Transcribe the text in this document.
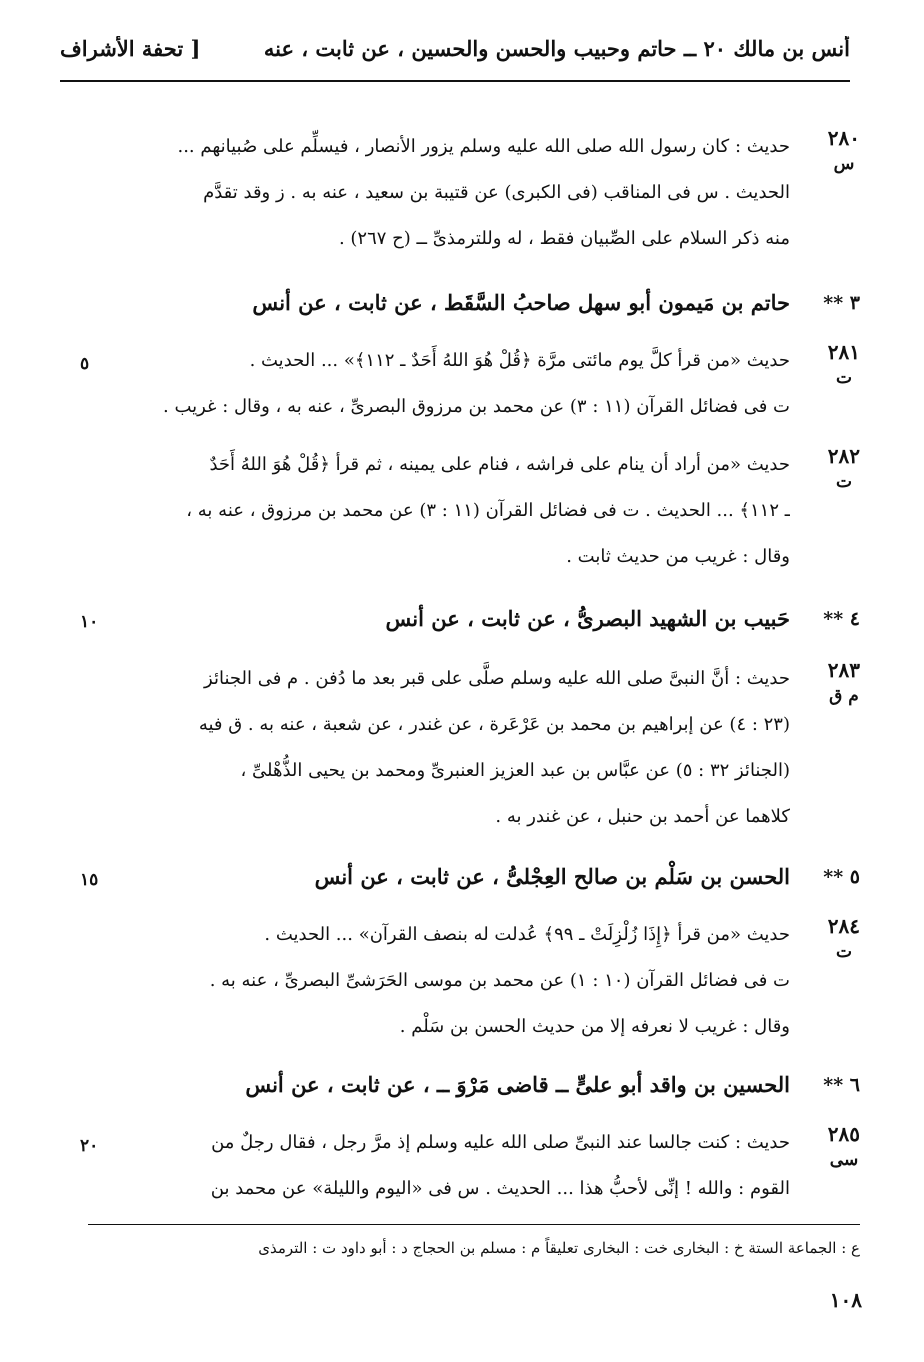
أنس بن مالك ٢٠ ــ حاتم وحبيب والحسن والحسين ، عن ثابت ، عنه
[ تحفة الأشراف
٢٨٠
س
حديث : كان رسول الله صلى الله عليه وسلم يزور الأنصار ، فيسلِّم على صُبيانهم ...
الحديث . س فى المناقب (فى الكبرى) عن قتيبة بن سعيد ، عنه به . ز وقد تقدَّم
منه ذكر السلام على الصِّبيان فقط ، له وللترمذىِّ ــ (ح ٢٦٧) .
٣ **
حاتم بن مَيمون أبو سهل صاحبُ السَّقَط ، عن ثابت ، عن أنس
٢٨١
ت
حديث «من قرأ كلَّ يوم مائتى مرَّة ﴿قُلْ هُوَ اللهُ أَحَدٌ ـ ١١٢﴾» ... الحديث .
ت فى فضائل القرآن (١١ : ٣) عن محمد بن مرزوق البصرىِّ ، عنه به ، وقال : غريب .
٥
٢٨٢
ت
حديث «من أراد أن ينام على فراشه ، فنام على يمينه ، ثم قرأ ﴿قُلْ هُوَ اللهُ أَحَدٌ
ـ ١١٢﴾ ... الحديث . ت فى فضائل القرآن (١١ : ٣) عن محمد بن مرزوق ، عنه به ،
وقال : غريب من حديث ثابت .
٤ **
حَبيب بن الشهيد البصرىُّ ، عن ثابت ، عن أنس
١٠
٢٨٣
م ق
حديث : أنَّ النبىَّ صلى الله عليه وسلم صلَّى على قبر بعد ما دُفن . م فى الجنائز
(٢٣ : ٤) عن إبراهيم بن محمد بن عَرْعَرة ، عن غندر ، عن شعبة ، عنه به . ق فيه
(الجنائز ٣٢ : ٥) عن عبَّاس بن عبد العزيز العنبرىِّ ومحمد بن يحيى الذُّهْلىِّ ،
كلاهما عن أحمد بن حنبل ، عن غندر به .
٥ **
الحسن بن سَلْم بن صالح العِجْلىُّ ، عن ثابت ، عن أنس
١٥
٢٨٤
ت
حديث «من قرأ ﴿إِذَا زُلْزِلَتْ ـ ٩٩﴾ عُدلت له بنصف القرآن» ... الحديث .
ت فى فضائل القرآن (١٠ : ١) عن محمد بن موسى الحَرَشىِّ البصرىِّ ، عنه به .
وقال : غريب لا نعرفه إلا من حديث الحسن بن سَلْم .
٦ **
الحسين بن واقد أبو علىٍّ ــ قاضى مَرْوَ ــ ، عن ثابت ، عن أنس
٢٨٥
سى
حديث : كنت جالسا عند النبىِّ صلى الله عليه وسلم إذ مرَّ رجل ، فقال رجلٌ من
القوم : والله ! إنِّى لأحبُّ هذا ... الحديث . س فى «اليوم والليلة» عن محمد بن
٢٠
ع : الجماعة الستة خ : البخارى خت : البخارى تعليقاً م : مسلم بن الحجاج د : أبو داود ت : الترمذى
١٠٨
